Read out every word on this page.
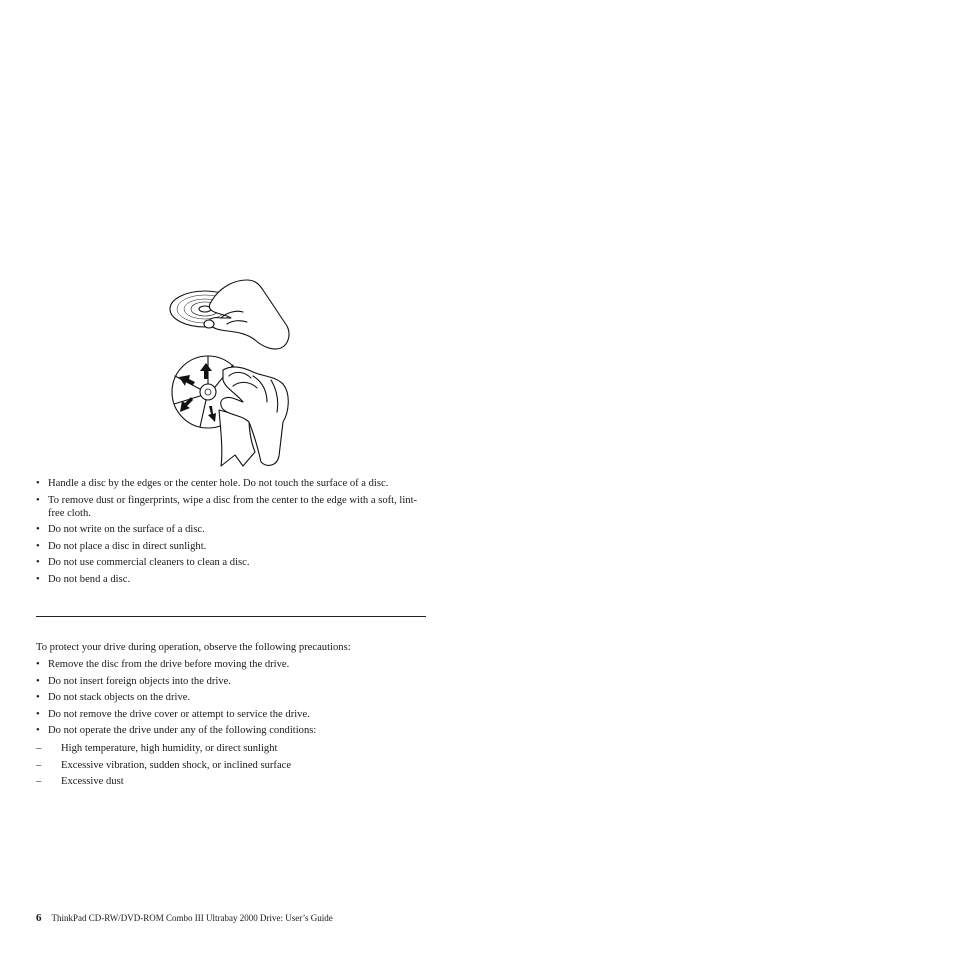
• Handle a disc by the edges or the center hole. Do not touch the surface of a disc.
• To remove dust or fingerprints, wipe a disc from the center to the edge with a soft, lint-free cloth.
• Do not write on the surface of a disc.
• Do not place a disc in direct sunlight.
• Do not use commercial cleaners to clean a disc.
• Do not bend a disc.

To protect your drive during operation, observe the following precautions:

• Remove the disc from the drive before moving the drive.
• Do not insert foreign objects into the drive.
• Do not stack objects on the drive.
• Do not remove the drive cover or attempt to service the drive.
• Do not operate the drive under any of the following conditions:
–	High temperature, high humidity, or direct sunlight
–	Excessive vibration, sudden shock, or inclined surface
–	Excessive dust
6 ThinkPad CD-RW/DVD-ROM Combo III Ultrabay 2000 Drive: User’s Guide
